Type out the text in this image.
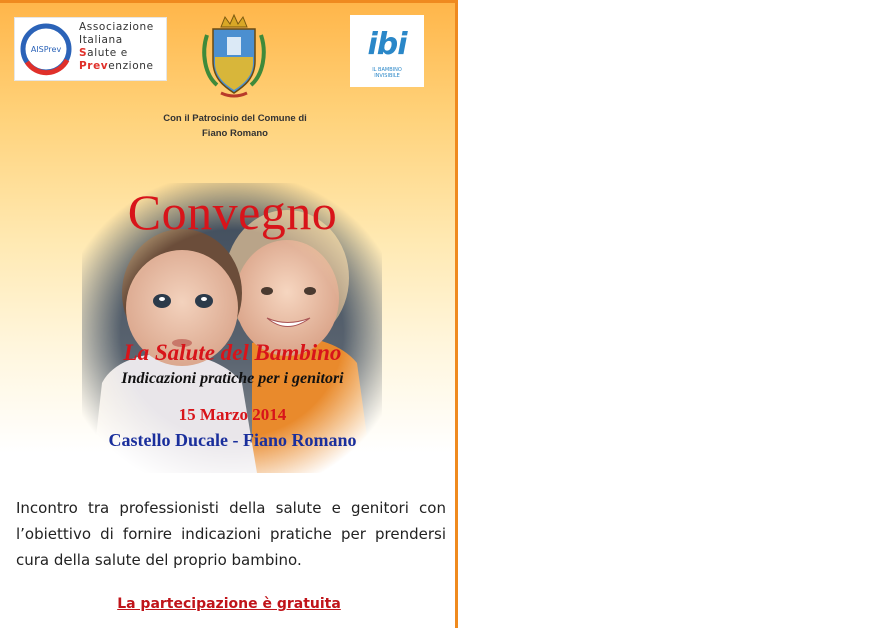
AISPrev
Associazione
Italiana
Salute e
Prevenzione
ibi
IL BAMBINO
INVISIBILE
Con il Patrocinio del Comune di
Fiano Romano
Convegno
La Salute del Bambino
Indicazioni pratiche per i genitori
15 Marzo 2014
Castello Ducale - Fiano Romano
Incontro tra professionisti della salute e genitori con l’obiettivo di fornire indicazioni pratiche per prendersi cura della salute del proprio bambino.
La partecipazione è gratuita
